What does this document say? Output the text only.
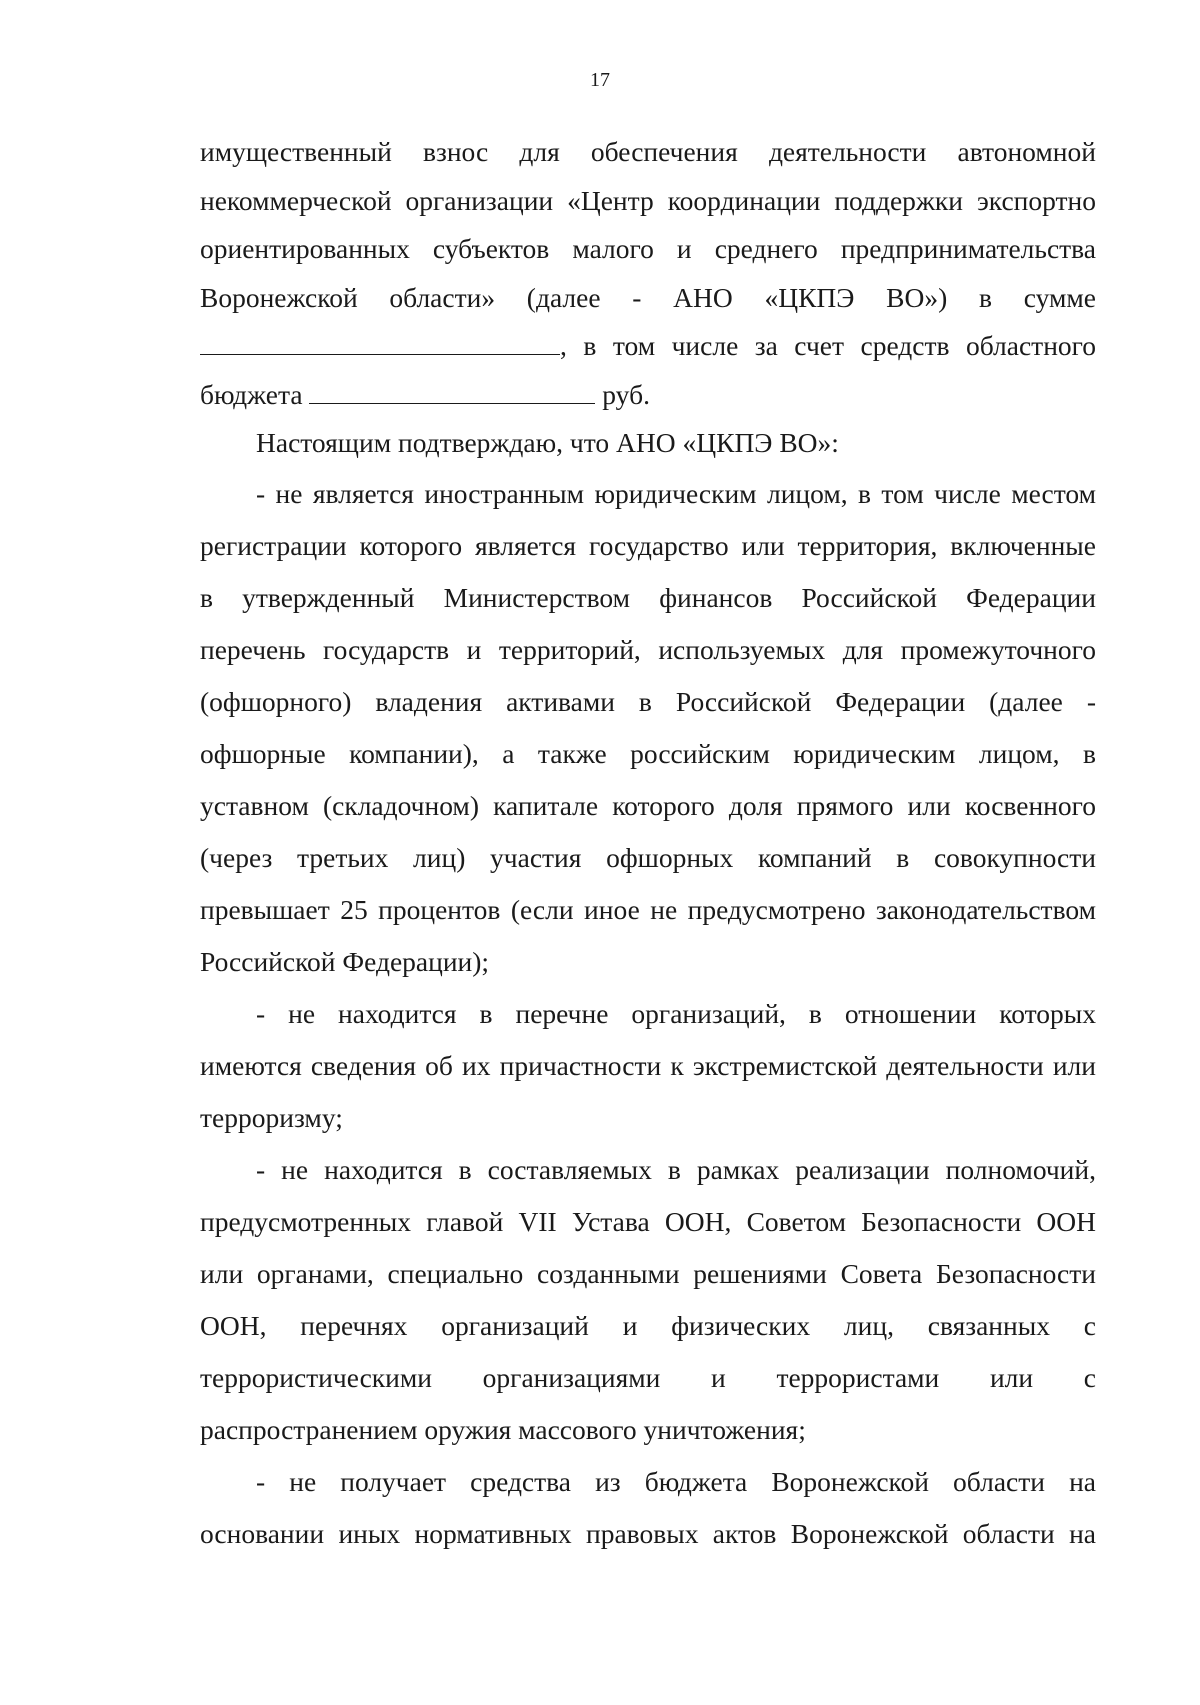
17
имущественный взнос для обеспечения деятельности автономной
некоммерческой организации «Центр координации поддержки экспортно
ориентированных субъектов малого и среднего предпринимательства
Воронежской области» (далее - АНО «ЦКПЭ ВО») в сумме
, в том числе за счет средств областного
бюджета	руб.
Настоящим подтверждаю, что АНО «ЦКПЭ ВО»:
- не является иностранным юридическим лицом, в том числе местом
регистрации которого является государство или территория, включенные
в утвержденный Министерством финансов Российской Федерации
перечень государств и территорий, используемых для промежуточного
(офшорного) владения активами в Российской Федерации (далее -
офшорные компании), а также российским юридическим лицом, в
уставном (складочном) капитале которого доля прямого или косвенного
(через третьих лиц) участия офшорных компаний в совокупности
превышает 25 процентов (если иное не предусмотрено законодательством
Российской Федерации);
- не находится в перечне организаций, в отношении которых
имеются сведения об их причастности к экстремистской деятельности или
терроризму;
- не находится в составляемых в рамках реализации полномочий,
предусмотренных главой VII Устава ООН, Советом Безопасности ООН
или органами, специально созданными решениями Совета Безопасности
ООН, перечнях организаций и физических лиц, связанных с
террористическими организациями и террористами или с
распространением оружия массового уничтожения;
- не получает средства из бюджета Воронежской области на
основании иных нормативных правовых актов Воронежской области на
